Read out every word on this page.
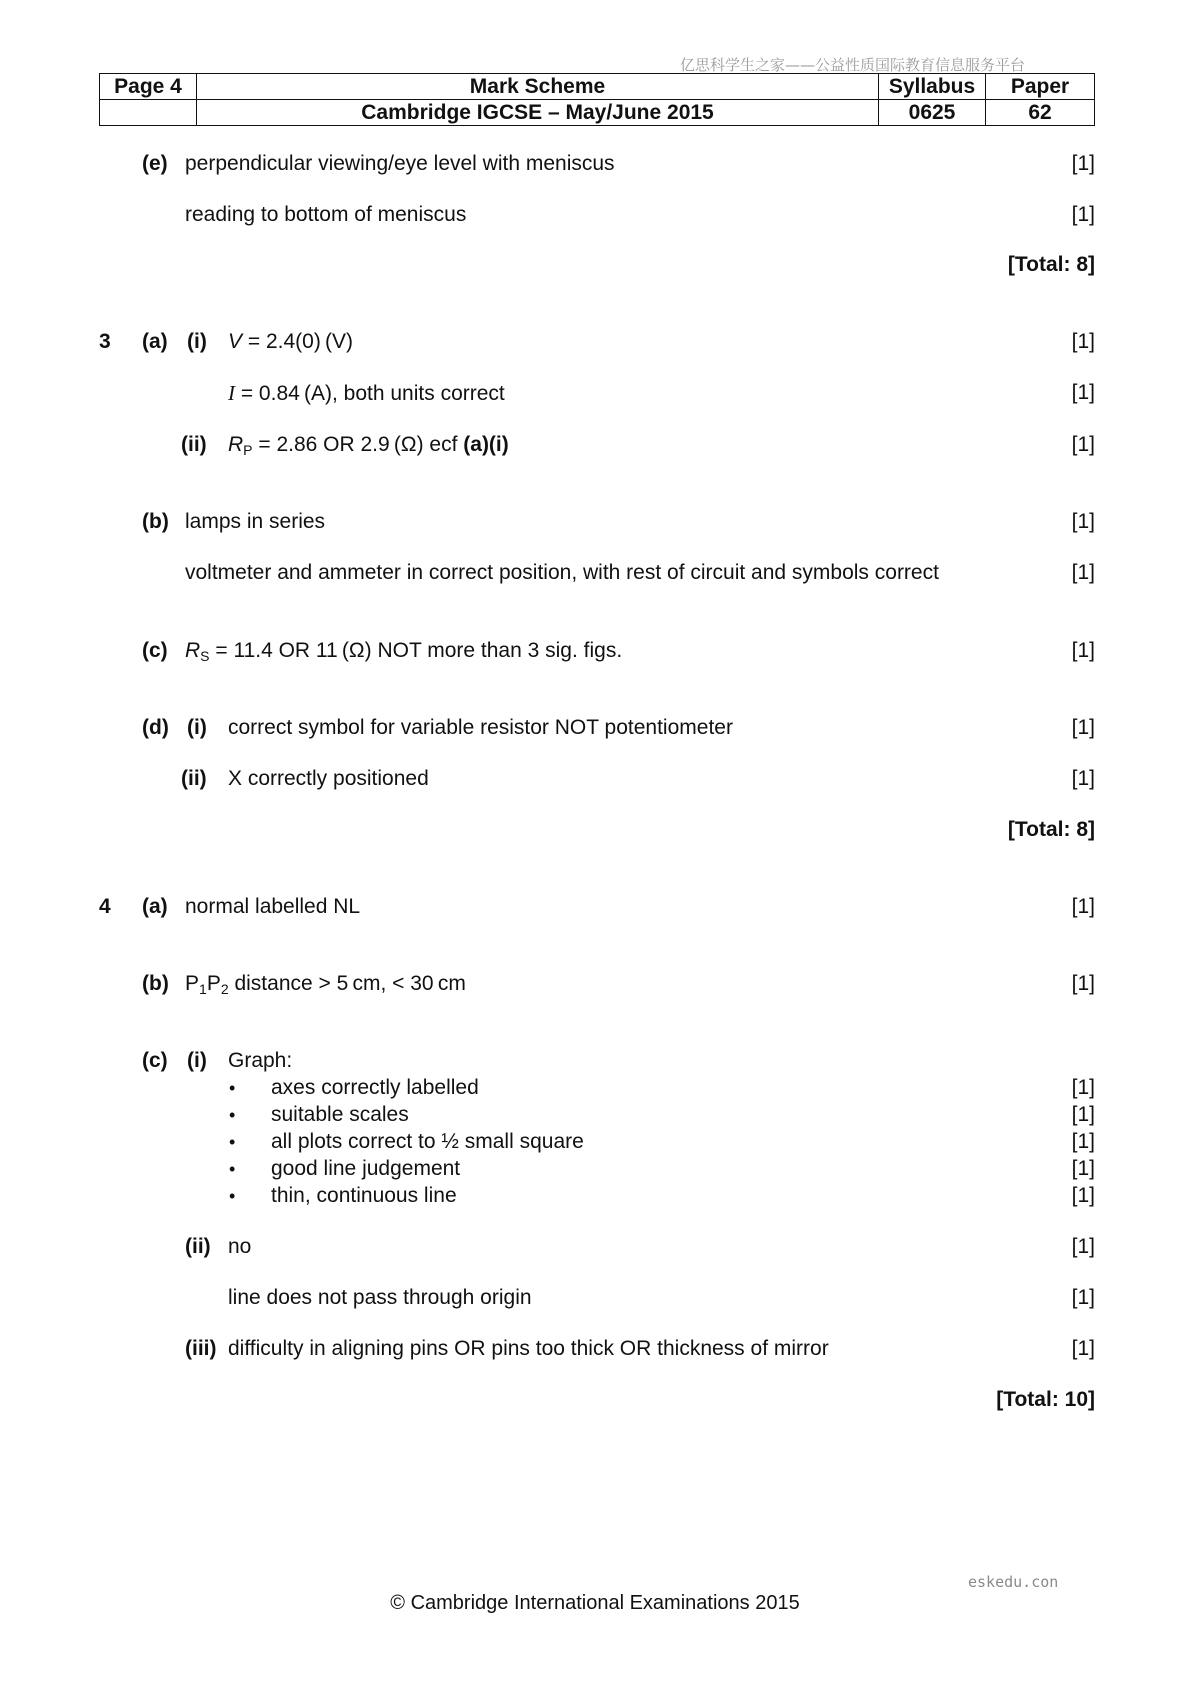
亿思科学生之家——公益性质国际教育信息服务平台
Page 4	Mark Scheme	Syllabus	Paper
	Cambridge IGCSE – May/June 2015	0625	62
(e) perpendicular viewing/eye level with meniscus	[1]
reading to bottom of meniscus	[1]
[Total: 8]
3 (a) (i) V = 2.4(0) (V)	[1]
I = 0.84 (A), both units correct	[1]
(ii) $R_P = 2.86$ OR 2.9 (Ω) ecf (a)(i)	[1]
(b) lamps in series	[1]
voltmeter and ammeter in correct position, with rest of circuit and symbols correct	[1]
(c) $R_S = 11.4$ OR 11 (Ω) NOT more than 3 sig. figs.	[1]
(d) (i) correct symbol for variable resistor NOT potentiometer	[1]
(ii) X correctly positioned	[1]
[Total: 8]
4 (a) normal labelled NL	[1]
(b) $P_1P_2$ distance > 5 cm, < 30 cm	[1]
(c) (i) Graph:
• axes correctly labelled	[1]
• suitable scales	[1]
• all plots correct to ½ small square	[1]
• good line judgement	[1]
• thin, continuous line	[1]
(ii) no	[1]
line does not pass through origin	[1]
(iii) difficulty in aligning pins OR pins too thick OR thickness of mirror	[1]
[Total: 10]
eskedu.con
© Cambridge International Examinations 2015
